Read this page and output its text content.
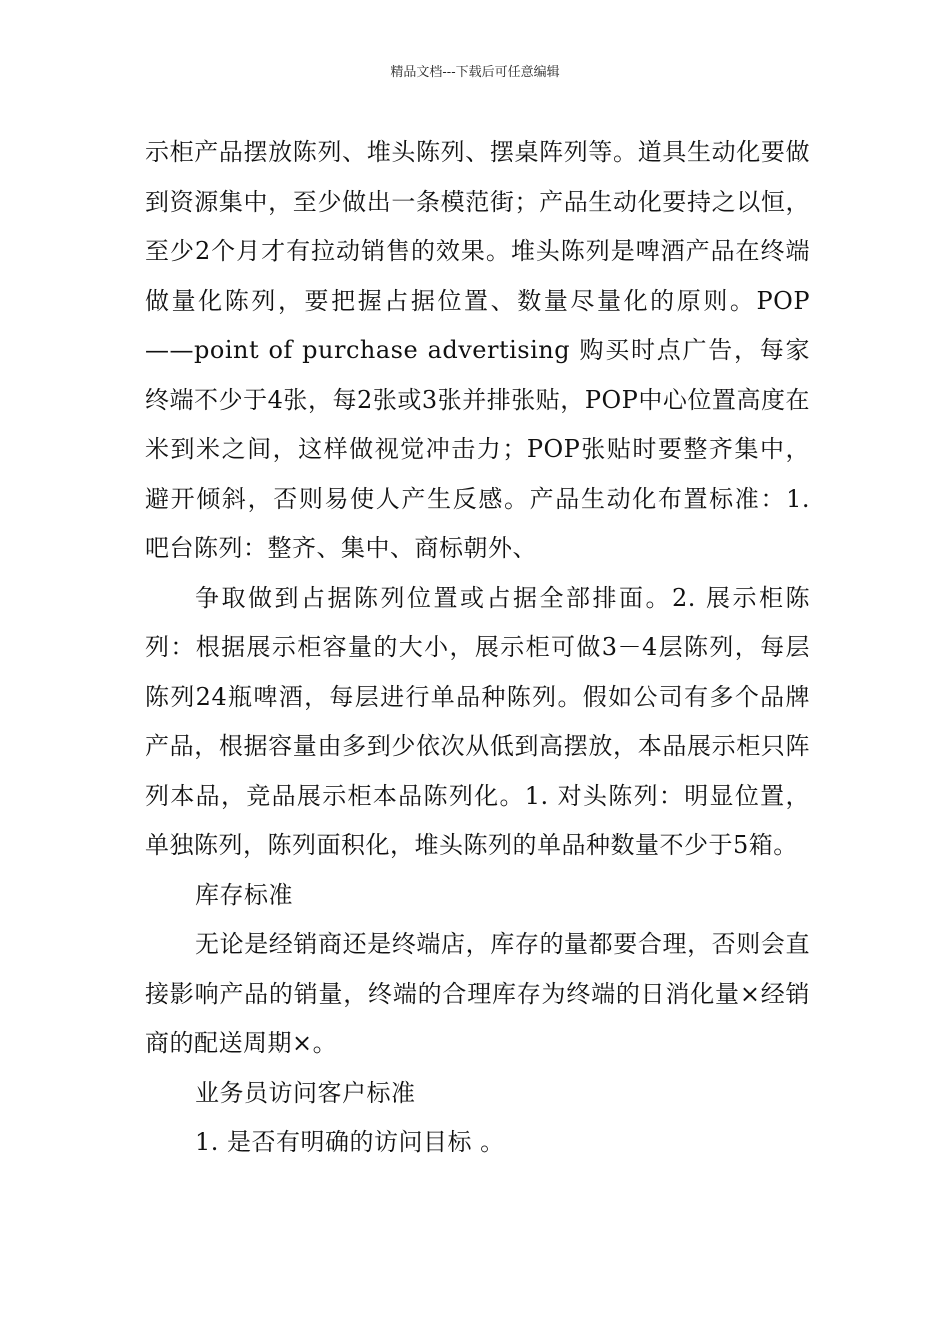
精品文档---下载后可任意编辑

示柜产品摆放陈列、堆头陈列、摆桌阵列等。道具生动化要做到资源集中，至少做出一条模范街；产品生动化要持之以恒，至少2个月才有拉动销售的效果。堆头陈列是啤酒产品在终端做量化陈列，要把握占据位置、数量尽量化的原则。POP——point of purchase advertising 购买时点广告，每家终端不少于4张，每2张或3张并排张贴，POP中心位置高度在米到米之间，这样做视觉冲击力；POP张贴时要整齐集中，避开倾斜，否则易使人产生反感。产品生动化布置标准：1. 吧台陈列：整齐、集中、商标朝外、

争取做到占据陈列位置或占据全部排面。2. 展示柜陈列：根据展示柜容量的大小，展示柜可做3－4层陈列，每层陈列24瓶啤酒，每层进行单品种陈列。假如公司有多个品牌产品，根据容量由多到少依次从低到高摆放，本品展示柜只阵列本品，竞品展示柜本品陈列化。1. 对头陈列：明显位置，单独陈列，陈列面积化，堆头陈列的单品种数量不少于5箱。

库存标准

无论是经销商还是终端店，库存的量都要合理，否则会直接影响产品的销量，终端的合理库存为终端的日消化量×经销商的配送周期×。

业务员访问客户标准

1. 是否有明确的访问目标 。
